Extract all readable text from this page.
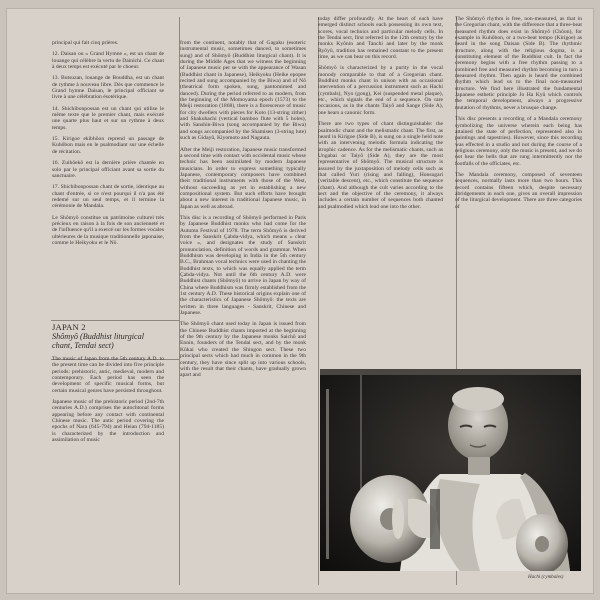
principal qui fait cinq prières.

12. Daisan ou « Grand Hymne », est un chant de louange qui célèbre la vertu de Dainichi. Ce chant à deux temps est exécuté par le choeur.

13. Butsuzan, louange de Bouddha, est un chant de rythme à nouveau libre. Dès que commence le Grand hymne Daisan, le principal officiant se livre à une célébration ésotérique.

14. Shichibonpossan est un chant qui utilise le même texte que le premier chant, mais exécuté une quarte plus haut et sur un rythme à deux temps.

15. Kirigoe ekibhôon reprend un passage de Kuhôbon mais en le psalmodiant sur une échelle de récitation.

16. Zuihôekô est la dernière prière chantée en solo par le principal officiant avant sa sortie du sanctuaire.

17. Shichibonpossan chant de sortie, identique au chant d'entrée, si ce n'est pourqui il n'a pas été redemé sur un seul temps, et il termine la cérémonie de Mandala.

Le Shômyô constitue un patrimoine culturel très précieux en raison à la fois de son ancienneté et de l'influence qu'il a exercé sur les formes vocales ultérieures de la musique traditionnelle japonaise, comme le Heikyoku et le Nô.

JAPAN 2
Shômyô (Buddhist liturgical chant, Tendai sect)

The music of Japan from the 5th century A.D. to the present time can be divided into five principle periods: prehistoric, antic, medieval, modern and contemporary. Each period has seen the development of specific musical forms, but certain musical genres have persisted throughout.

Japanese music of the prehistoric period (2nd-7th centuries A.D.) comprises the autochtonal forms appearing before any contact with continental Chinese music. The antic period covering the epochs of Nara (645-794) and Heian (794-1185) is characterized by the introduction and assimilation of music

from the continent, notably that of Gagaku (esoteric instrumental music, sometimes danced, to sometimes sung) and of Shômyô (Buddhist liturgical chant). It is during the Middle Ages that we witness the beginning of Japanese music per se with the appearance of Wasan (Buddhist chant in Japanese), Heikyoku (Heike epopee recited and sung accompanied by the Biwa) and of Nô (theatrical form spoken, sung, pantomimed and danced). During the period referred to as modern, from the beginning of the Momoyama epoch (1573) to the Meiji restoration (1868), there is a florescence of music for city dwellers with pieces for Koto (13-string zither) and Shakuhachi (vertical bamboo flute with 5 holes), with Sanshin-Biwa (song accompanied by the Biwa) and songs accompanied by the Shamisen (3-string lute) such as Gidayû, Kiyomoto and Nagauta.

After the Meiji restoration, Japanese music transformed a second time with contact with occidental music whose technic has been assimilated by modern Japanese musicians. In order to express something typically Japanese, contemporary composers have combined their traditional instruments with those of the West, without succeeding as yet in establishing a new compositional system. But such efforts have brought about a new interest in traditional Japanese music, in Japan as well as abroad.

This disc is a recording of Shômyô performed in Paris by Japanese Buddhist monks who had come for the Autumn Festival of 1978. The term Shômyô is derived from the Sanskrit Çabda-vidya, which means « clear voice », and designates the study of Sanskrit pronunciation, definition of words and grammar. When Buddhism was developing in India in the 5th century B.C., Brahman vocal technics were used in chanting the Buddhist texts, to which was equally applied the term Çabda-vidya. Not until the 6th century A.D. were Buddhist chants (Shômyô) to arrive in Japan by way of China where Buddhism was firmly established from the 1st century A.D. These historical origins explain one of the characteristics of Japanese Shômyô: the texts are written in three languages - Sanskrit, Chinese and Japanese.

The Shômyô chant used today in Japan is issued from the Chinese Buddhist chants imported at the beginning of the 9th century by the Japanese monks Saichô and Ennin, founders of the Tendai sect, and by the monk Kûkai who created the Shingon sect. These two principal sects which had much in common in the 9th century, they have since split up into various schools, with the result that their chants, have gradually grown apart and

today differ profoundly. At the heart of each have emerged distinct schools each possessing its own text, scores, vocal technics and particular melody cells. In the Tendai sect, first referred in the 12th century by the monks Kyônin and Tanchi and later by the monk Ryôyû, tradition has remained constant to the present time, as we can hear on this record.

Shômyô is characterized by a purity in the vocal monody comparable to that of a Gregorian chant. Buddhist monks chant in unison with an occasional intervention of a percussion instrument such as Hachi (cymbals), Nyo (gong), Kei (suspended metal plaque), etc., which signals the end of a sequence. On rare occasions, as in the chants Taiyô and Sange (Side A), one hears a canonic form.

There are two types of chant distinguishable: the psalmodic chant and the melismatic chant. The first, as heard in Kirigoe (Side B), is sung on a single held note with an intervening melodic formula indicating the strophic cadence. As for the melismatic chants, such as Ungabai or Taiyô (Side A), they are the most representative of Shômyô. The musical structure is assured by the juxtaposition of melody cells such as that called Yuri (rising and falling), Honsugari (veritable descent), etc., which constitute the sequence (chant). And although the cult varies according to the sect and the objective of the ceremony, it always includes a certain number of sequences both chanted and psalmodied which lead one into the other.

The Shômyô rhythm is free, non-measured, as that in the Gregorian chant, with the difference that a three-beat measured rhythm does exist in Shômyô (Chôon), for example in Kuhôbon, or a two-beat tempo (Kirigoe) as heard in the song Daisan (Side B). The rhythmic structure, along with the religious dogma, is a constituting element of the Buddhist cult. In fact the ceremony begins with a free rhythm passing to a combined free and measured rhythm becoming in turn a measured rhythm. Then again is heard the combined rhythm which lead us to the final non-measured structure. We find here illustrated the fundamental Japanese esthetic principle Jo Ha Kyû which controls the temporal development, always a progressive mutation of rhythms, never a brusque change.

This disc presents a recording of a Mandala ceremony symbolizing the universe wherein each being has attained the state of perfection, represented also in paintings and tapestries). However, since this recording was effected in a studio and not during the course of a religious ceremony, only the music is present, and we do not hear the bells that are rung intermittently nor the footfalls of the officiates, etc.

The Mandala ceremony, composed of seventeen sequences, normally lasts more than two hours. This record contains fifteen which, despite necessary abridgements in each one, gives an overall impression of the liturgical development. There are three categories of

Hachi (cymbales)
